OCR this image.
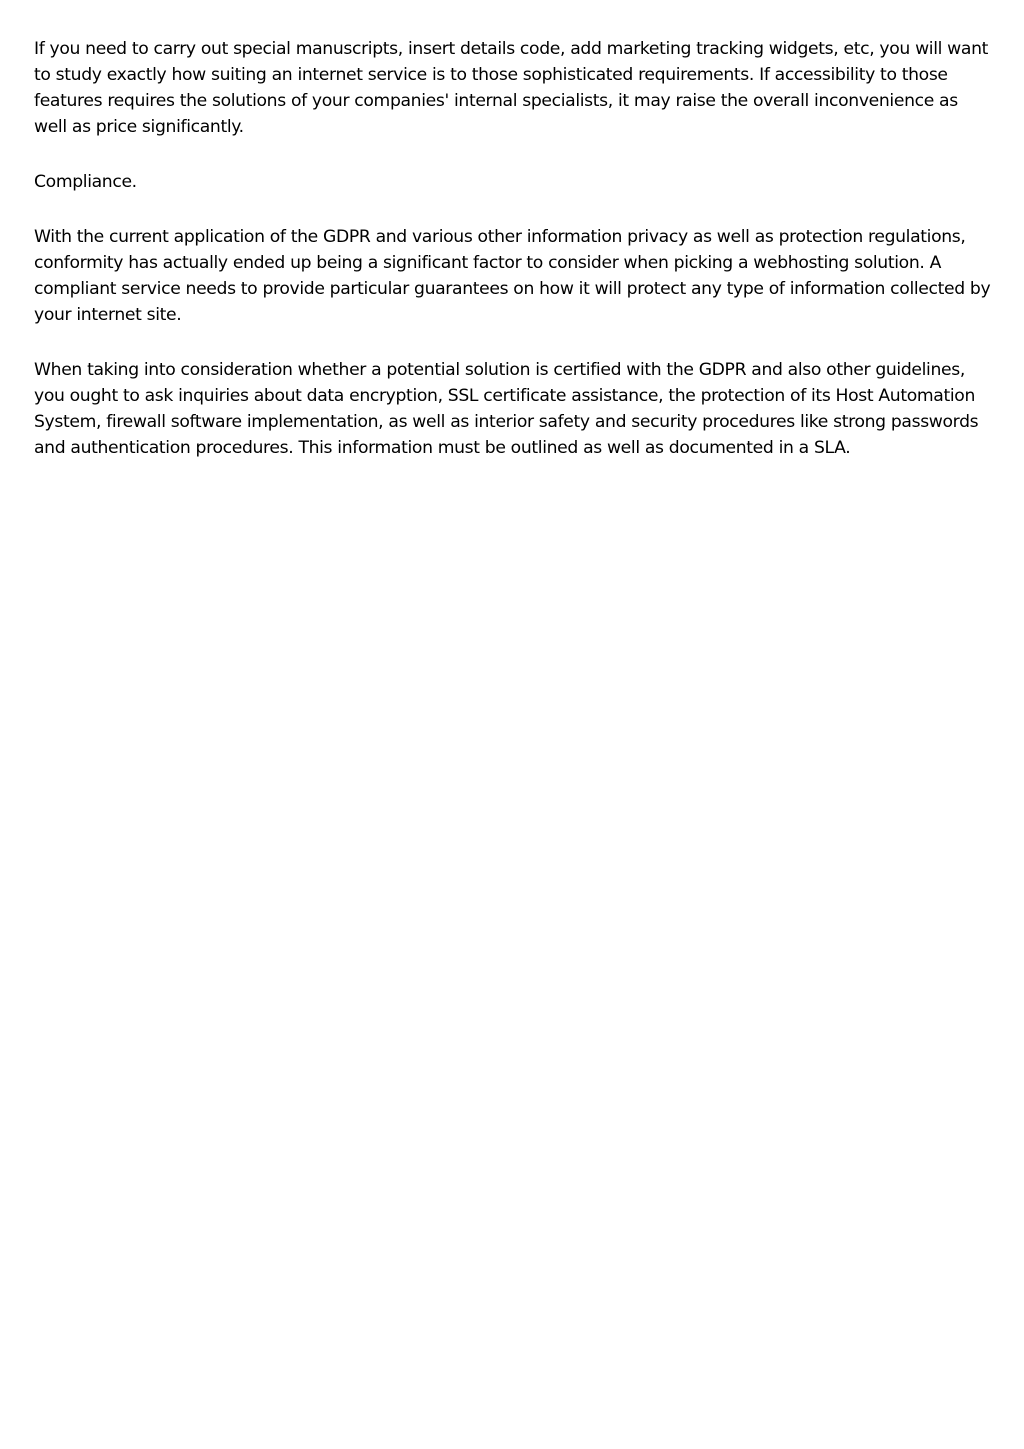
If you need to carry out special manuscripts, insert details code, add marketing tracking widgets, etc, you will want to study exactly how suiting an internet service is to those sophisticated requirements. If accessibility to those features requires the solutions of your companies' internal specialists, it may raise the overall inconvenience as well as price significantly.

Compliance.

With the current application of the GDPR and various other information privacy as well as protection regulations, conformity has actually ended up being a significant factor to consider when picking a webhosting solution. A compliant service needs to provide particular guarantees on how it will protect any type of information collected by your internet site.

When taking into consideration whether a potential solution is certified with the GDPR and also other guidelines, you ought to ask inquiries about data encryption, SSL certificate assistance, the protection of its Host Automation System, firewall software implementation, as well as interior safety and security procedures like strong passwords and authentication procedures. This information must be outlined as well as documented in a SLA.
